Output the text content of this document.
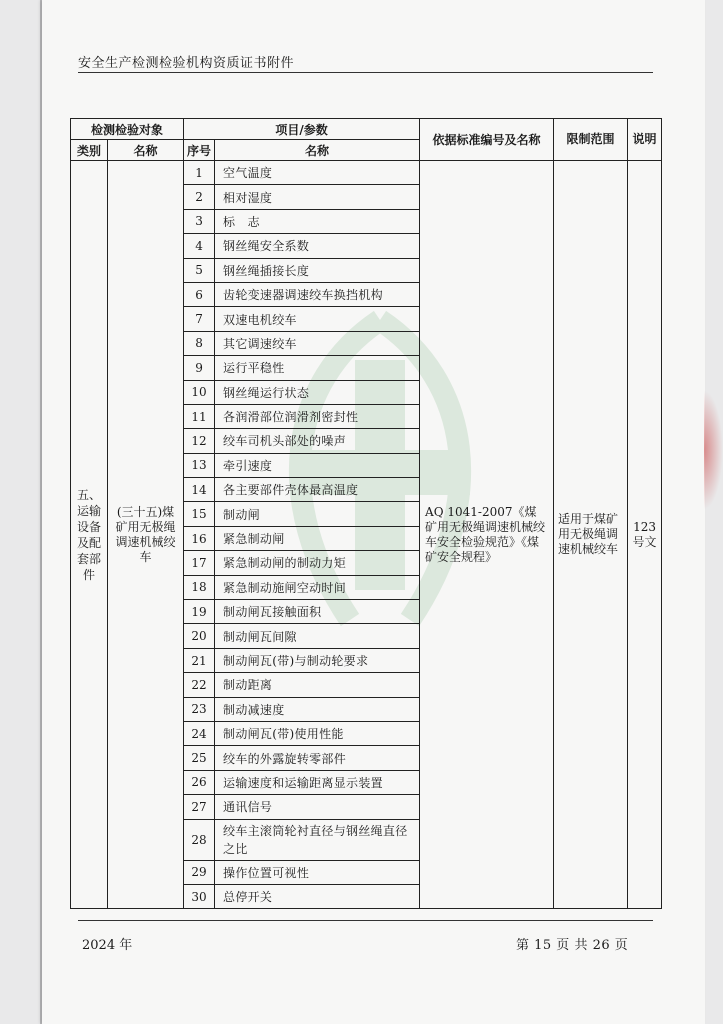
安全生产检测检验机构资质证书附件
检测检验对象		项目/参数		依据标准编号及名称	限制范围	说明
类别	名称	序号	名称			
五、运输设备及配套部件	(三十五)煤矿用无极绳调速机械绞车	1	空气温度	AQ 1041-2007《煤矿用无极绳调速机械绞车安全检验规范》《煤矿安全规程》	适用于煤矿用无极绳调速机械绞车	123号文
		2	相对湿度			
		3	标　志			
		4	钢丝绳安全系数			
		5	钢丝绳插接长度			
		6	齿轮变速器调速绞车换挡机构			
		7	双速电机绞车			
		8	其它调速绞车			
		9	运行平稳性			
		10	钢丝绳运行状态			
		11	各润滑部位润滑剂密封性			
		12	绞车司机头部处的噪声			
		13	牵引速度			
		14	各主要部件壳体最高温度			
		15	制动闸			
		16	紧急制动闸			
		17	紧急制动闸的制动力矩			
		18	紧急制动施闸空动时间			
		19	制动闸瓦接触面积			
		20	制动闸瓦间隙			
		21	制动闸瓦(带)与制动轮要求			
		22	制动距离			
		23	制动减速度			
		24	制动闸瓦(带)使用性能			
		25	绞车的外露旋转零部件			
		26	运输速度和运输距离显示装置			
		27	通讯信号			
		28	绞车主滚筒轮衬直径与钢丝绳直径之比			
		29	操作位置可视性			
		30	总停开关			
2024 年	第 15 页 共 26 页
